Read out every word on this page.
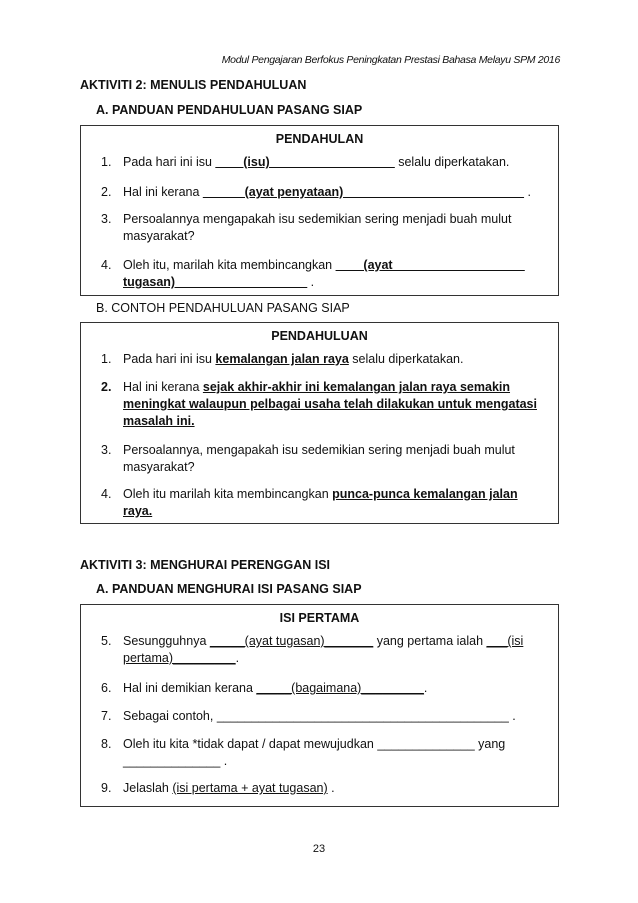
Modul Pengajaran Berfokus Peningkatan Prestasi Bahasa Melayu SPM 2016
AKTIVITI 2: MENULIS PENDAHULUAN
A. PANDUAN PENDAHULUAN PASANG SIAP
PENDAHULAN
1. Pada hari ini isu ____(isu)__________________ selalu diperkatakan.
2. Hal ini kerana ______(ayat penyataan)__________________________ .
3. Persoalannya mengapakah isu sedemikian sering menjadi buah mulut masyarakat?
4. Oleh itu, marilah kita membincangkan ____(ayat___________________ tugasan)___________________ .
B. CONTOH PENDAHULUAN PASANG SIAP
PENDAHULUAN
1. Pada hari ini isu kemalangan jalan raya selalu diperkatakan.
2. Hal ini kerana sejak akhir-akhir ini kemalangan jalan raya semakin meningkat walaupun pelbagai usaha telah dilakukan untuk mengatasi masalah ini.
3. Persoalannya, mengapakah isu sedemikian sering menjadi buah mulut masyarakat?
4. Oleh itu marilah kita membincangkan punca-punca kemalangan jalan raya.
AKTIVITI 3: MENGHURAI PERENGGAN ISI
A. PANDUAN MENGHURAI ISI PASANG SIAP
ISI PERTAMA
5. Sesungguhnya _____(ayat tugasan)_______ yang pertama ialah ___(isi pertama)_________.
6. Hal ini demikian kerana _____(bagaimana)_________.
7. Sebagai contoh, __________________________________________ .
8. Oleh itu kita *tidak dapat / dapat mewujudkan ______________ yang ______________ .
9. Jelaslah (isi pertama + ayat tugasan) .
23
